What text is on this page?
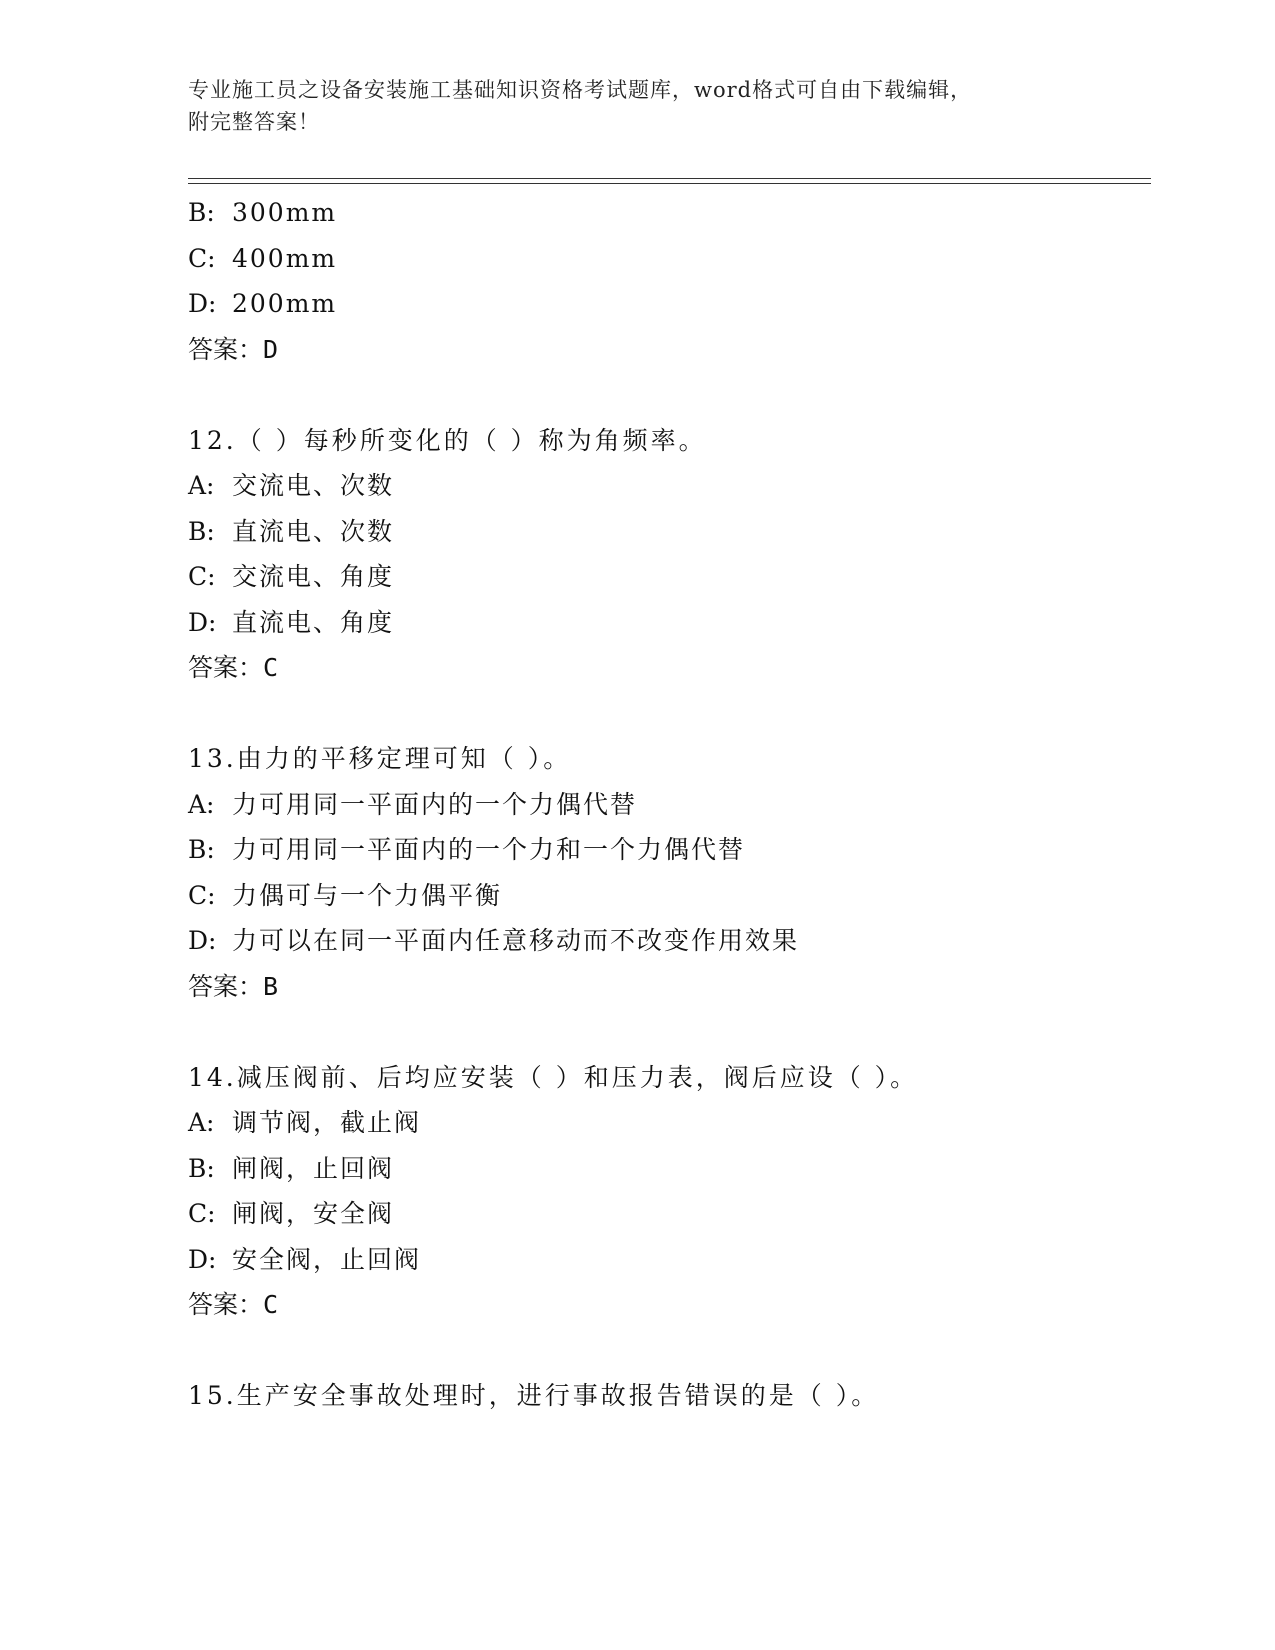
专业施工员之设备安装施工基础知识资格考试题库，word格式可自由下载编辑，
附完整答案！
B: 300mm
C: 400mm
D: 200mm
答案：D
12.（ ）每秒所变化的（ ）称为角频率。
A: 交流电、次数
B: 直流电、次数
C: 交流电、角度
D: 直流电、角度
答案：C
13.由力的平移定理可知（ ）。
A: 力可用同一平面内的一个力偶代替
B: 力可用同一平面内的一个力和一个力偶代替
C: 力偶可与一个力偶平衡
D: 力可以在同一平面内任意移动而不改变作用效果
答案：B
14.减压阀前、后均应安装（ ）和压力表，阀后应设（ ）。
A: 调节阀，截止阀
B: 闸阀，止回阀
C: 闸阀，安全阀
D: 安全阀，止回阀
答案：C
15.生产安全事故处理时，进行事故报告错误的是（ ）。
